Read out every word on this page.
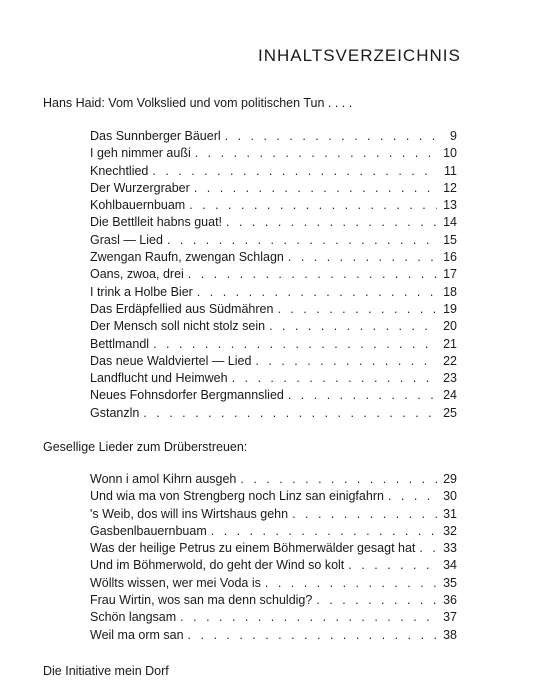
INHALTSVERZEICHNIS
Hans Haid: Vom Volkslied und vom politischen Tun . . . .
Das Sunnberger Bäuerl . . .	9
I geh nimmer außi . . .	10
Knechtlied . . .	11
Der Wurzergraber . . .	12
Kohlbauernbuam . . .	13
Die Bettlleit habns guat! . . .	14
Grasl — Lied . . .	15
Zwengan Raufn, zwengan Schlagn . . .	16
Oans, zwoa, drei . . .	17
I trink a Holbe Bier . . .	18
Das Erdäpfellied aus Südmähren . . .	19
Der Mensch soll nicht stolz sein . . .	20
Bettlmandl . . .	21
Das neue Waldviertel — Lied . . .	22
Landflucht und Heimweh . . .	23
Neues Fohnsdorfer Bergmannslied . . .	24
Gstanzln . . .	25
Gesellige Lieder zum Drüberstreuen:
Wonn i amol Kihrn ausgeh . . .	29
Und wia ma von Strengberg noch Linz san einigfahrn . . .	30
's Weib, dos will ins Wirtshaus gehn . . .	31
Gasbenlbauernbuam . . .	32
Was der heilige Petrus zu einem Böhmerwälder gesagt hat . . . 33
Und im Böhmerwold, do geht der Wind so kolt . . .	34
Wöllts wissen, wer mei Voda is . . .	35
Frau Wirtin, wos san ma denn schuldig? . . .	36
Schön langsam . . .	37
Weil ma orm san . . .	38
Die Initiative mein Dorf
